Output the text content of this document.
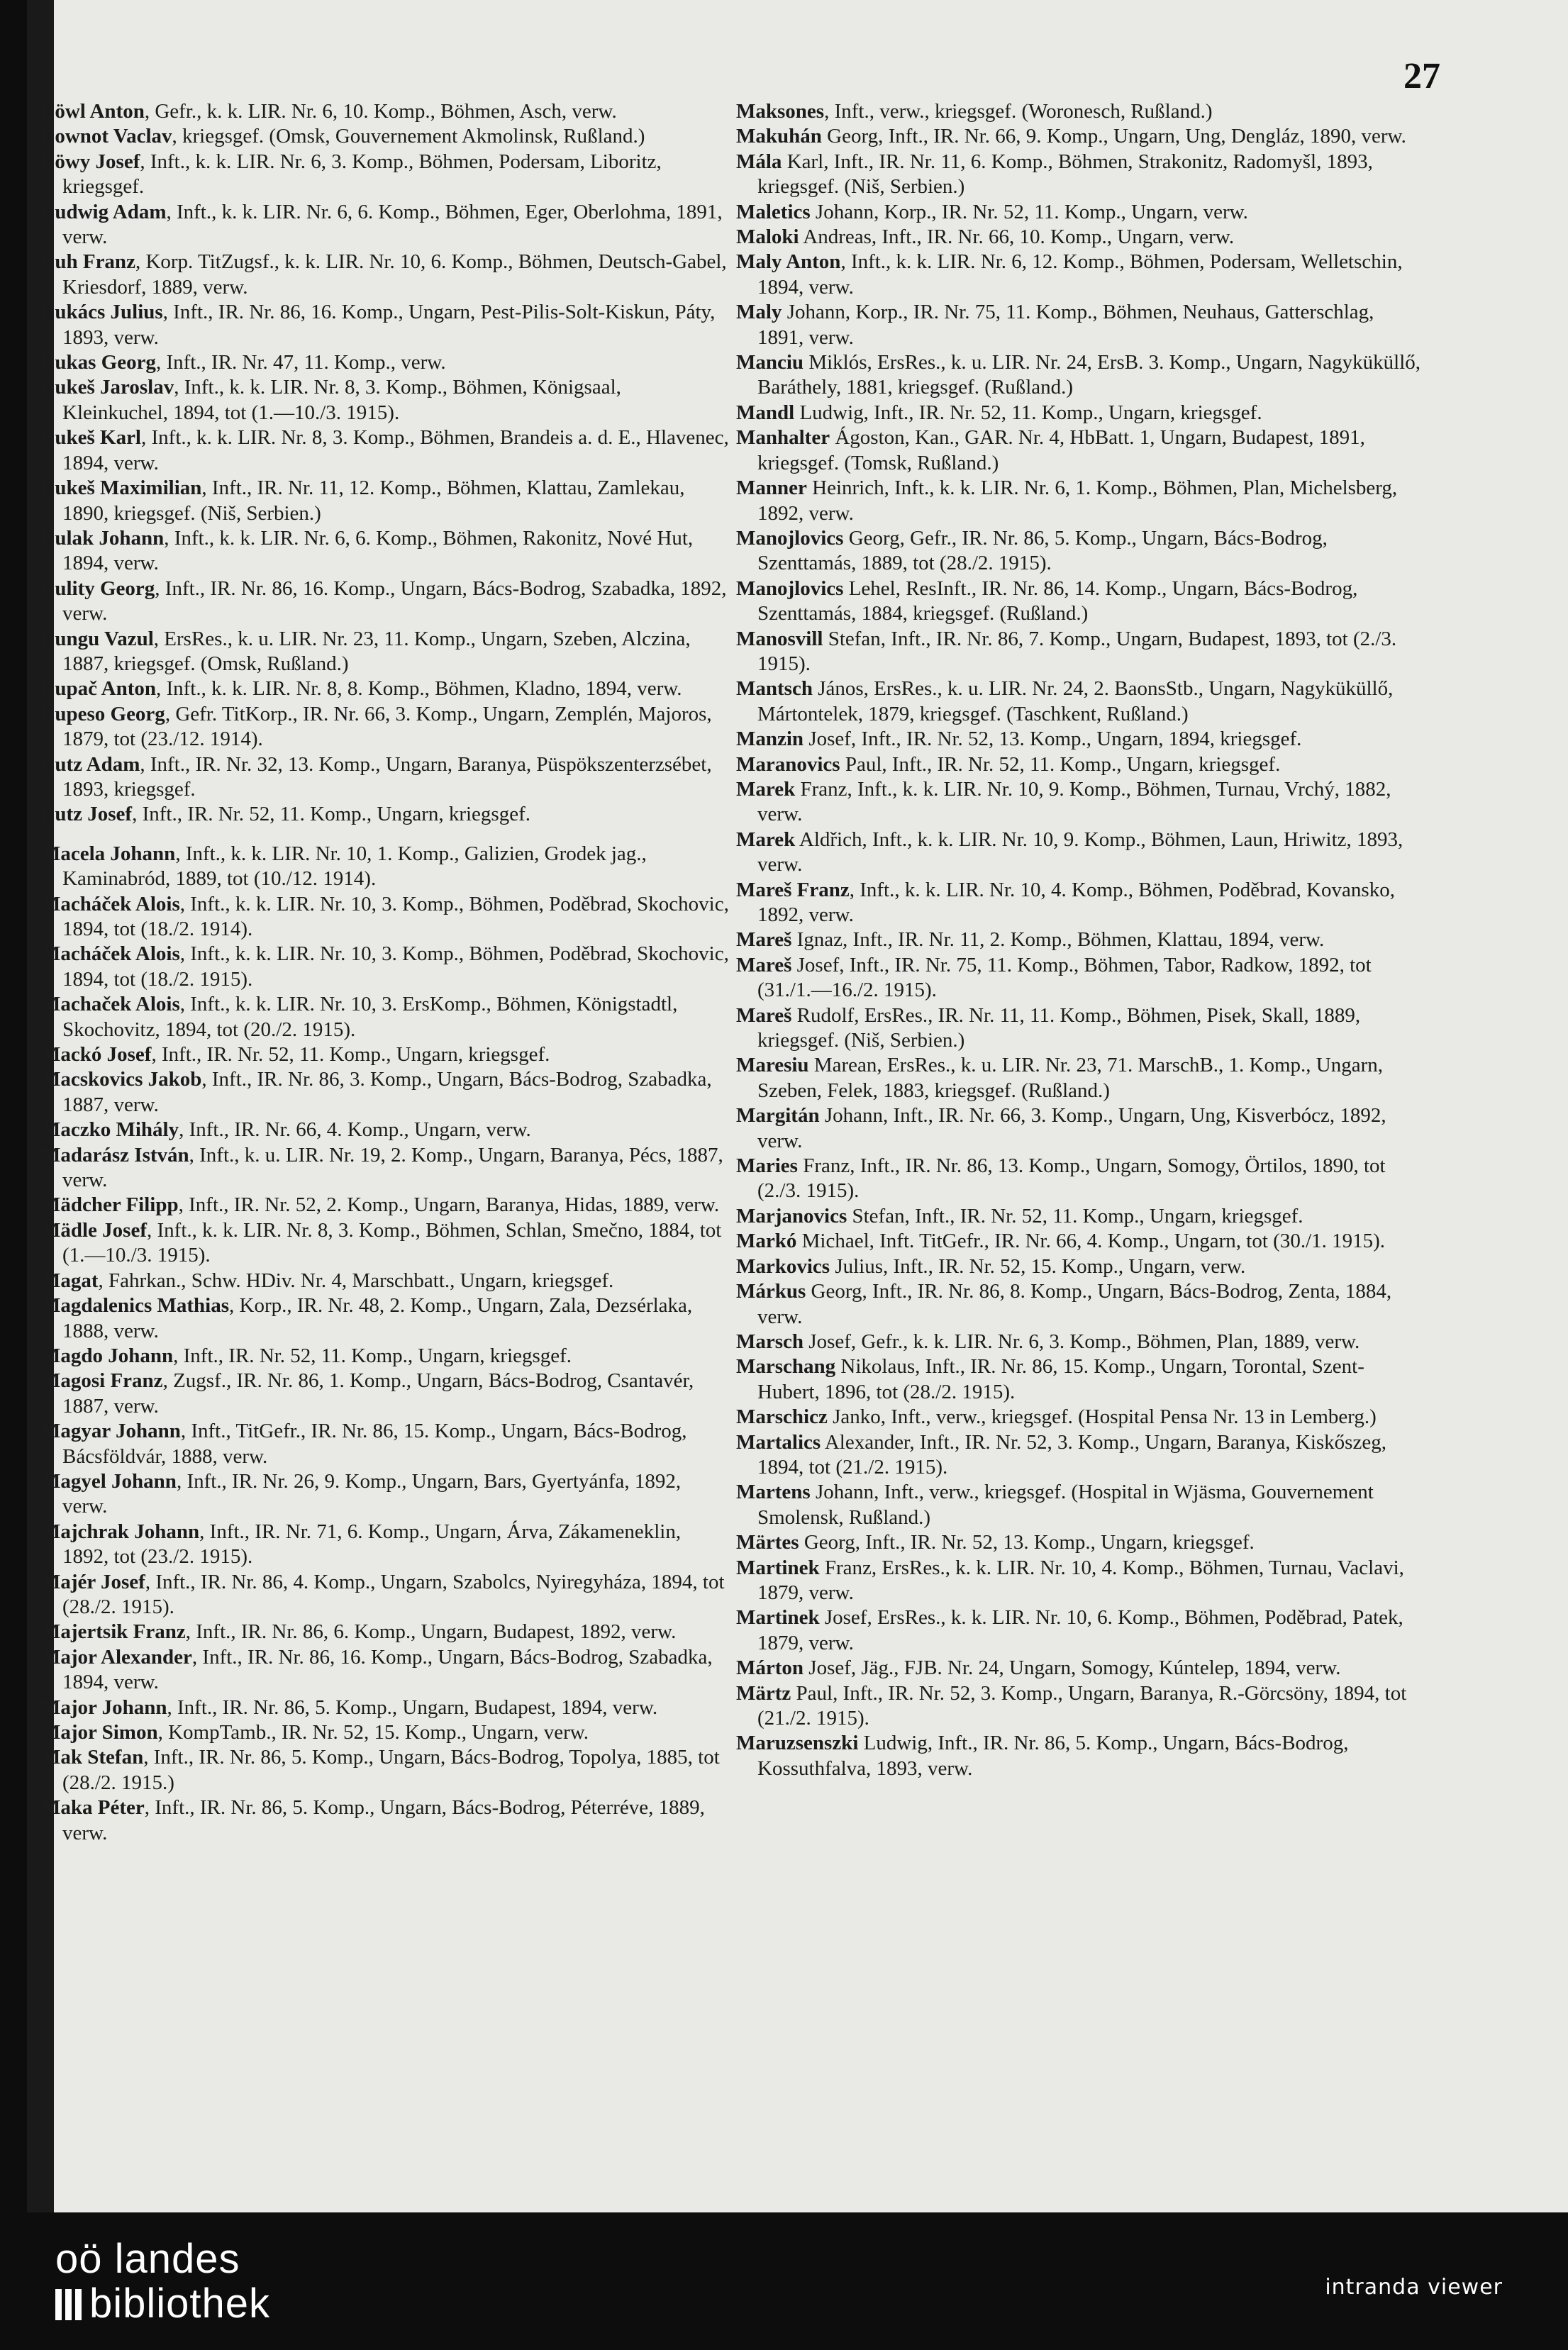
27

Löwl Anton, Gefr., k. k. LIR. Nr. 6, 10. Komp., Böhmen, Asch, verw.

Lownot Vaclav, kriegsgef. (Omsk, Gouvernement Akmolinsk, Rußland.)

Löwy Josef, Inft., k. k. LIR. Nr. 6, 3. Komp., Böhmen, Podersam, Liboritz, kriegsgef.

Ludwig Adam, Inft., k. k. LIR. Nr. 6, 6. Komp., Böhmen, Eger, Oberlohma, 1891, verw.

Luh Franz, Korp. TitZugsf., k. k. LIR. Nr. 10, 6. Komp., Böhmen, Deutsch-Gabel, Kriesdorf, 1889, verw.

Lukács Julius, Inft., IR. Nr. 86, 16. Komp., Ungarn, Pest-Pilis-Solt-Kiskun, Páty, 1893, verw.

Lukas Georg, Inft., IR. Nr. 47, 11. Komp., verw.

Lukeš Jaroslav, Inft., k. k. LIR. Nr. 8, 3. Komp., Böhmen, Königsaal, Kleinkuchel, 1894, tot (1.—10./3. 1915).

Lukeš Karl, Inft., k. k. LIR. Nr. 8, 3. Komp., Böhmen, Brandeis a. d. E., Hlavenec, 1894, verw.

Lukeš Maximilian, Inft., IR. Nr. 11, 12. Komp., Böhmen, Klattau, Zamlekau, 1890, kriegsgef. (Niš, Serbien.)

Lulak Johann, Inft., k. k. LIR. Nr. 6, 6. Komp., Böhmen, Rakonitz, Nové Hut, 1894, verw.

Lulity Georg, Inft., IR. Nr. 86, 16. Komp., Ungarn, Bács-Bodrog, Szabadka, 1892, verw.

Lungu Vazul, ErsRes., k. u. LIR. Nr. 23, 11. Komp., Ungarn, Szeben, Alczina, 1887, kriegsgef. (Omsk, Rußland.)

Lupač Anton, Inft., k. k. LIR. Nr. 8, 8. Komp., Böhmen, Kladno, 1894, verw.

Lupeso Georg, Gefr. TitKorp., IR. Nr. 66, 3. Komp., Ungarn, Zemplén, Majoros, 1879, tot (23./12. 1914).

Lutz Adam, Inft., IR. Nr. 32, 13. Komp., Ungarn, Baranya, Püspökszenterzsébet, 1893, kriegsgef.

Lutz Josef, Inft., IR. Nr. 52, 11. Komp., Ungarn, kriegsgef.

Macela Johann, Inft., k. k. LIR. Nr. 10, 1. Komp., Galizien, Grodek jag., Kaminabród, 1889, tot (10./12. 1914).

Macháček Alois, Inft., k. k. LIR. Nr. 10, 3. Komp., Böhmen, Poděbrad, Skochovic, 1894, tot (18./2. 1914).

Macháček Alois, Inft., k. k. LIR. Nr. 10, 3. Komp., Böhmen, Poděbrad, Skochovic, 1894, tot (18./2. 1915).

Machaček Alois, Inft., k. k. LIR. Nr. 10, 3. ErsKomp., Böhmen, Königstadtl, Skochovitz, 1894, tot (20./2. 1915).

Mackó Josef, Inft., IR. Nr. 52, 11. Komp., Ungarn, kriegsgef.

Macskovics Jakob, Inft., IR. Nr. 86, 3. Komp., Ungarn, Bács-Bodrog, Szabadka, 1887, verw.

Maczko Mihály, Inft., IR. Nr. 66, 4. Komp., Ungarn, verw.

Madarász István, Inft., k. u. LIR. Nr. 19, 2. Komp., Ungarn, Baranya, Pécs, 1887, verw.

Mädcher Filipp, Inft., IR. Nr. 52, 2. Komp., Ungarn, Baranya, Hidas, 1889, verw.

Mädle Josef, Inft., k. k. LIR. Nr. 8, 3. Komp., Böhmen, Schlan, Smečno, 1884, tot (1.—10./3. 1915).

Magat, Fahrkan., Schw. HDiv. Nr. 4, Marschbatt., Ungarn, kriegsgef.

Magdalenics Mathias, Korp., IR. Nr. 48, 2. Komp., Ungarn, Zala, Dezsérlaka, 1888, verw.

Magdo Johann, Inft., IR. Nr. 52, 11. Komp., Ungarn, kriegsgef.

Magosi Franz, Zugsf., IR. Nr. 86, 1. Komp., Ungarn, Bács-Bodrog, Csantavér, 1887, verw.

Magyar Johann, Inft., TitGefr., IR. Nr. 86, 15. Komp., Ungarn, Bács-Bodrog, Bácsföldvár, 1888, verw.

Magyel Johann, Inft., IR. Nr. 26, 9. Komp., Ungarn, Bars, Gyertyánfa, 1892, verw.

Majchrak Johann, Inft., IR. Nr. 71, 6. Komp., Ungarn, Árva, Zákameneklin, 1892, tot (23./2. 1915).

Majér Josef, Inft., IR. Nr. 86, 4. Komp., Ungarn, Szabolcs, Nyiregyháza, 1894, tot (28./2. 1915).

Majertsik Franz, Inft., IR. Nr. 86, 6. Komp., Ungarn, Budapest, 1892, verw.

Major Alexander, Inft., IR. Nr. 86, 16. Komp., Ungarn, Bács-Bodrog, Szabadka, 1894, verw.

Major Johann, Inft., IR. Nr. 86, 5. Komp., Ungarn, Budapest, 1894, verw.

Major Simon, KompTamb., IR. Nr. 52, 15. Komp., Ungarn, verw.

Mak Stefan, Inft., IR. Nr. 86, 5. Komp., Ungarn, Bács-Bodrog, Topolya, 1885, tot (28./2. 1915.)

Maka Péter, Inft., IR. Nr. 86, 5. Komp., Ungarn, Bács-Bodrog, Péterréve, 1889, verw.

Maksones, Inft., verw., kriegsgef. (Woronesch, Rußland.)

Makuhán Georg, Inft., IR. Nr. 66, 9. Komp., Ungarn, Ung, Dengláz, 1890, verw.

Mála Karl, Inft., IR. Nr. 11, 6. Komp., Böhmen, Strakonitz, Radomyšl, 1893, kriegsgef. (Niš, Serbien.)

Maletics Johann, Korp., IR. Nr. 52, 11. Komp., Ungarn, verw.

Maloki Andreas, Inft., IR. Nr. 66, 10. Komp., Ungarn, verw.

Maly Anton, Inft., k. k. LIR. Nr. 6, 12. Komp., Böhmen, Podersam, Welletschin, 1894, verw.

Maly Johann, Korp., IR. Nr. 75, 11. Komp., Böhmen, Neuhaus, Gatterschlag, 1891, verw.

Manciu Miklós, ErsRes., k. u. LIR. Nr. 24, ErsB. 3. Komp., Ungarn, Nagyküküllő, Baráthely, 1881, kriegsgef. (Rußland.)

Mandl Ludwig, Inft., IR. Nr. 52, 11. Komp., Ungarn, kriegsgef.

Manhalter Ágoston, Kan., GAR. Nr. 4, HbBatt. 1, Ungarn, Budapest, 1891, kriegsgef. (Tomsk, Rußland.)

Manner Heinrich, Inft., k. k. LIR. Nr. 6, 1. Komp., Böhmen, Plan, Michelsberg, 1892, verw.

Manojlovics Georg, Gefr., IR. Nr. 86, 5. Komp., Ungarn, Bács-Bodrog, Szenttamás, 1889, tot (28./2. 1915).

Manojlovics Lehel, ResInft., IR. Nr. 86, 14. Komp., Ungarn, Bács-Bodrog, Szenttamás, 1884, kriegsgef. (Rußland.)

Manosvill Stefan, Inft., IR. Nr. 86, 7. Komp., Ungarn, Budapest, 1893, tot (2./3. 1915).

Mantsch János, ErsRes., k. u. LIR. Nr. 24, 2. BaonsStb., Ungarn, Nagyküküllő, Mártontelek, 1879, kriegsgef. (Taschkent, Rußland.)

Manzin Josef, Inft., IR. Nr. 52, 13. Komp., Ungarn, 1894, kriegsgef.

Maranovics Paul, Inft., IR. Nr. 52, 11. Komp., Ungarn, kriegsgef.

Marek Franz, Inft., k. k. LIR. Nr. 10, 9. Komp., Böhmen, Turnau, Vrchý, 1882, verw.

Marek Aldřich, Inft., k. k. LIR. Nr. 10, 9. Komp., Böhmen, Laun, Hriwitz, 1893, verw.

Mareš Franz, Inft., k. k. LIR. Nr. 10, 4. Komp., Böhmen, Poděbrad, Kovansko, 1892, verw.

Mareš Ignaz, Inft., IR. Nr. 11, 2. Komp., Böhmen, Klattau, 1894, verw.

Mareš Josef, Inft., IR. Nr. 75, 11. Komp., Böhmen, Tabor, Radkow, 1892, tot (31./1.—16./2. 1915).

Mareš Rudolf, ErsRes., IR. Nr. 11, 11. Komp., Böhmen, Pisek, Skall, 1889, kriegsgef. (Niš, Serbien.)

Maresiu Marean, ErsRes., k. u. LIR. Nr. 23, 71. MarschB., 1. Komp., Ungarn, Szeben, Felek, 1883, kriegsgef. (Rußland.)

Margitán Johann, Inft., IR. Nr. 66, 3. Komp., Ungarn, Ung, Kisverbócz, 1892, verw.

Maries Franz, Inft., IR. Nr. 86, 13. Komp., Ungarn, Somogy, Örtilos, 1890, tot (2./3. 1915).

Marjanovics Stefan, Inft., IR. Nr. 52, 11. Komp., Ungarn, kriegsgef.

Markó Michael, Inft. TitGefr., IR. Nr. 66, 4. Komp., Ungarn, tot (30./1. 1915).

Markovics Julius, Inft., IR. Nr. 52, 15. Komp., Ungarn, verw.

Márkus Georg, Inft., IR. Nr. 86, 8. Komp., Ungarn, Bács-Bodrog, Zenta, 1884, verw.

Marsch Josef, Gefr., k. k. LIR. Nr. 6, 3. Komp., Böhmen, Plan, 1889, verw.

Marschang Nikolaus, Inft., IR. Nr. 86, 15. Komp., Ungarn, Torontal, Szent-Hubert, 1896, tot (28./2. 1915).

Marschicz Janko, Inft., verw., kriegsgef. (Hospital Pensa Nr. 13 in Lemberg.)

Martalics Alexander, Inft., IR. Nr. 52, 3. Komp., Ungarn, Baranya, Kiskőszeg, 1894, tot (21./2. 1915).

Martens Johann, Inft., verw., kriegsgef. (Hospital in Wjäsma, Gouvernement Smolensk, Rußland.)

Märtes Georg, Inft., IR. Nr. 52, 13. Komp., Ungarn, kriegsgef.

Martinek Franz, ErsRes., k. k. LIR. Nr. 10, 4. Komp., Böhmen, Turnau, Vaclavi, 1879, verw.

Martinek Josef, ErsRes., k. k. LIR. Nr. 10, 6. Komp., Böhmen, Poděbrad, Patek, 1879, verw.

Márton Josef, Jäg., FJB. Nr. 24, Ungarn, Somogy, Kúntelep, 1894, verw.

Märtz Paul, Inft., IR. Nr. 52, 3. Komp., Ungarn, Baranya, R.-Görcsöny, 1894, tot (21./2. 1915).

Maruzsenszki Ludwig, Inft., IR. Nr. 86, 5. Komp., Ungarn, Bács-Bodrog, Kossuthfalva, 1893, verw.

oö landes
bibliothek	intranda viewer
